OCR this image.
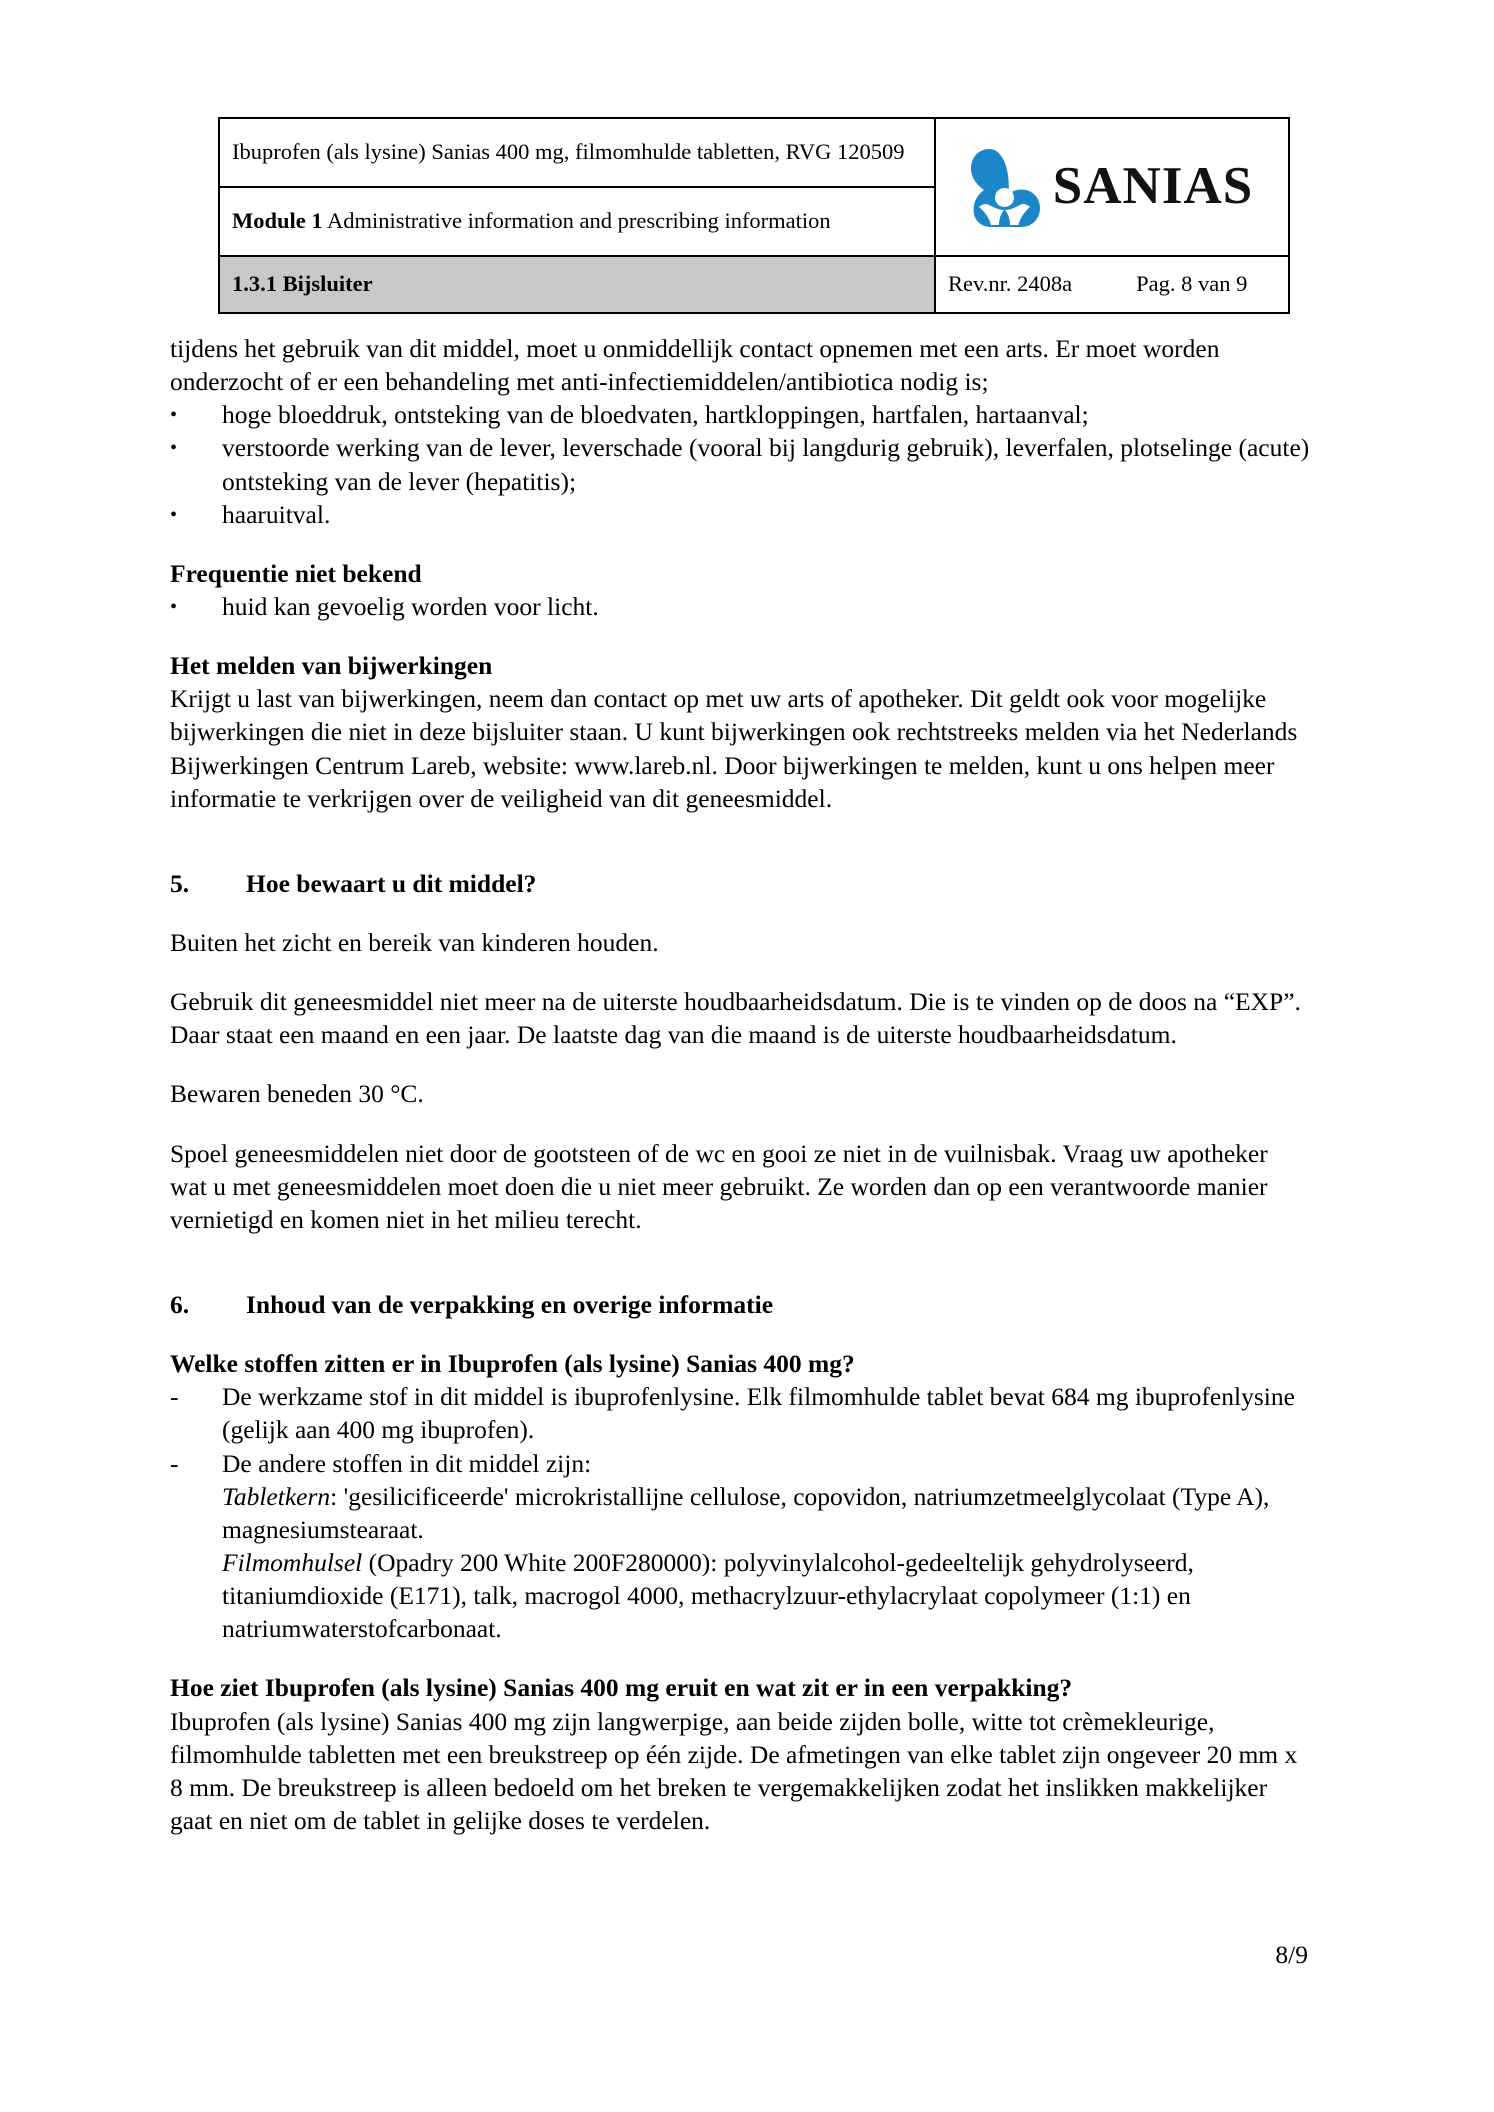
Ibuprofen (als lysine) Sanias 400 mg, filmomhulde tabletten, RVG 120509	SANIAS

Module 1 Administrative information and prescribing information	
1.3.1 Bijsluiter	Rev.nr. 2408a Pag. 8 van 9

tijdens het gebruik van dit middel, moet u onmiddellijk contact opnemen met een arts. Er moet worden onderzocht of er een behandeling met anti-infectiemiddelen/antibiotica nodig is;

• hoge bloeddruk, ontsteking van de bloedvaten, hartkloppingen, hartfalen, hartaanval;

• verstoorde werking van de lever, leverschade (vooral bij langdurig gebruik), leverfalen, plotselinge (acute) ontsteking van de lever (hepatitis);

• haaruitval.

Frequentie niet bekend

• huid kan gevoelig worden voor licht.

Het melden van bijwerkingen

Krijgt u last van bijwerkingen, neem dan contact op met uw arts of apotheker. Dit geldt ook voor mogelijke bijwerkingen die niet in deze bijsluiter staan. U kunt bijwerkingen ook rechtstreeks melden via het Nederlands Bijwerkingen Centrum Lareb, website: www.lareb.nl. Door bijwerkingen te melden, kunt u ons helpen meer informatie te verkrijgen over de veiligheid van dit geneesmiddel.

5.	Hoe bewaart u dit middel?

Buiten het zicht en bereik van kinderen houden.

Gebruik dit geneesmiddel niet meer na de uiterste houdbaarheidsdatum. Die is te vinden op de doos na “EXP”. Daar staat een maand en een jaar. De laatste dag van die maand is de uiterste houdbaarheidsdatum.

Bewaren beneden 30 °C.

Spoel geneesmiddelen niet door de gootsteen of de wc en gooi ze niet in de vuilnisbak. Vraag uw apotheker wat u met geneesmiddelen moet doen die u niet meer gebruikt. Ze worden dan op een verantwoorde manier vernietigd en komen niet in het milieu terecht.

6.	Inhoud van de verpakking en overige informatie
Welke stoffen zitten er in Ibuprofen (als lysine) Sanias 400 mg?

- De werkzame stof in dit middel is ibuprofenlysine. Elk filmomhulde tablet bevat 684 mg ibuprofenlysine (gelijk aan 400 mg ibuprofen).

- De andere stoffen in dit middel zijn:

Tabletkern: 'gesilicificeerde' microkristallijne cellulose, copovidon, natriumzetmeelglycolaat (Type A), magnesiumstearaat.

Filmomhulsel (Opadry 200 White 200F280000): polyvinylalcohol-gedeeltelijk gehydrolyseerd, titaniumdioxide (E171), talk, macrogol 4000, methacrylzuur-ethylacrylaat copolymeer (1:1) en natriumwaterstofcarbonaat.

Hoe ziet Ibuprofen (als lysine) Sanias 400 mg eruit en wat zit er in een verpakking?

Ibuprofen (als lysine) Sanias 400 mg zijn langwerpige, aan beide zijden bolle, witte tot crèmekleurige, filmomhulde tabletten met een breukstreep op één zijde. De afmetingen van elke tablet zijn ongeveer 20 mm x 8 mm. De breukstreep is alleen bedoeld om het breken te vergemakkelijken zodat het inslikken makkelijker gaat en niet om de tablet in gelijke doses te verdelen.

8/9
